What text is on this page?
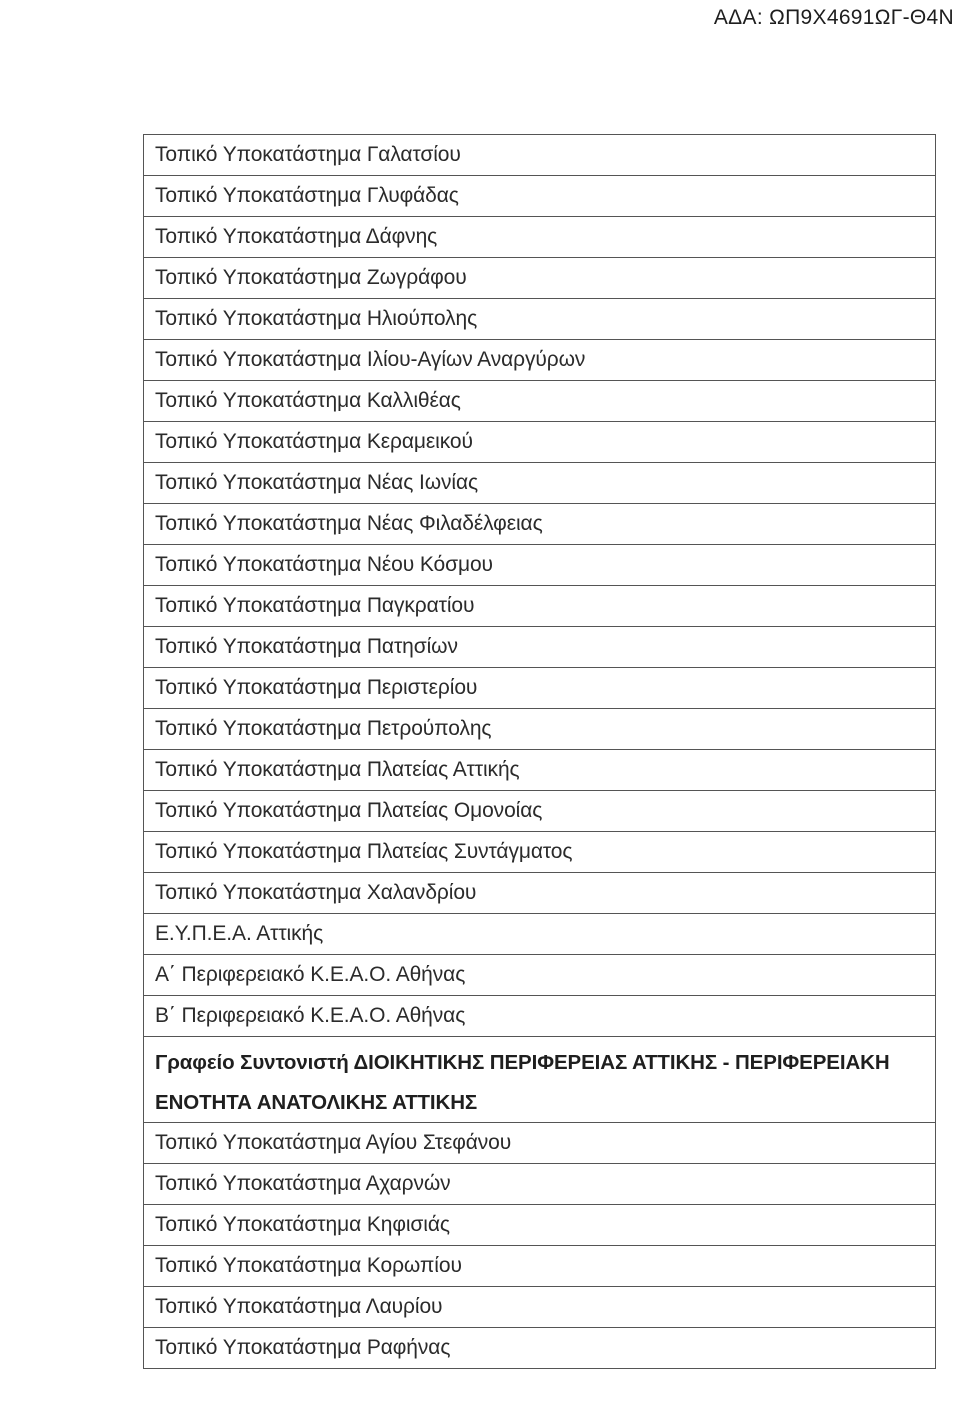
ΑΔΑ: ΩΠ9Χ4691ΩΓ-Θ4Ν
Τοπικό Υποκατάστημα Γαλατσίου
Τοπικό Υποκατάστημα Γλυφάδας
Τοπικό Υποκατάστημα Δάφνης
Τοπικό Υποκατάστημα Ζωγράφου
Τοπικό Υποκατάστημα Ηλιούπολης
Τοπικό Υποκατάστημα Ιλίου-Αγίων Αναργύρων
Τοπικό Υποκατάστημα Καλλιθέας
Τοπικό Υποκατάστημα Κεραμεικού
Τοπικό Υποκατάστημα Νέας Ιωνίας
Τοπικό Υποκατάστημα Νέας Φιλαδέλφειας
Τοπικό Υποκατάστημα Νέου Κόσμου
Τοπικό Υποκατάστημα Παγκρατίου
Τοπικό Υποκατάστημα Πατησίων
Τοπικό Υποκατάστημα Περιστερίου
Τοπικό Υποκατάστημα Πετρούπολης
Τοπικό Υποκατάστημα Πλατείας Αττικής
Τοπικό Υποκατάστημα Πλατείας Ομονοίας
Τοπικό Υποκατάστημα Πλατείας Συντάγματος
Τοπικό Υποκατάστημα Χαλανδρίου
Ε.Υ.Π.Ε.Α. Αττικής
Α΄ Περιφερειακό Κ.Ε.Α.Ο. Αθήνας
Β΄ Περιφερειακό Κ.Ε.Α.Ο. Αθήνας
Γραφείο Συντονιστή ΔΙΟΙΚΗΤΙΚΗΣ ΠΕΡΙΦΕΡΕΙΑΣ ΑΤΤΙΚΗΣ - ΠΕΡΙΦΕΡΕΙΑΚΗ ΕΝΟΤΗΤΑ ΑΝΑΤΟΛΙΚΗΣ ΑΤΤΙΚΗΣ
Τοπικό Υποκατάστημα Αγίου Στεφάνου
Τοπικό Υποκατάστημα Αχαρνών
Τοπικό Υποκατάστημα Κηφισιάς
Τοπικό Υποκατάστημα Κορωπίου
Τοπικό Υποκατάστημα Λαυρίου
Τοπικό Υποκατάστημα Ραφήνας
